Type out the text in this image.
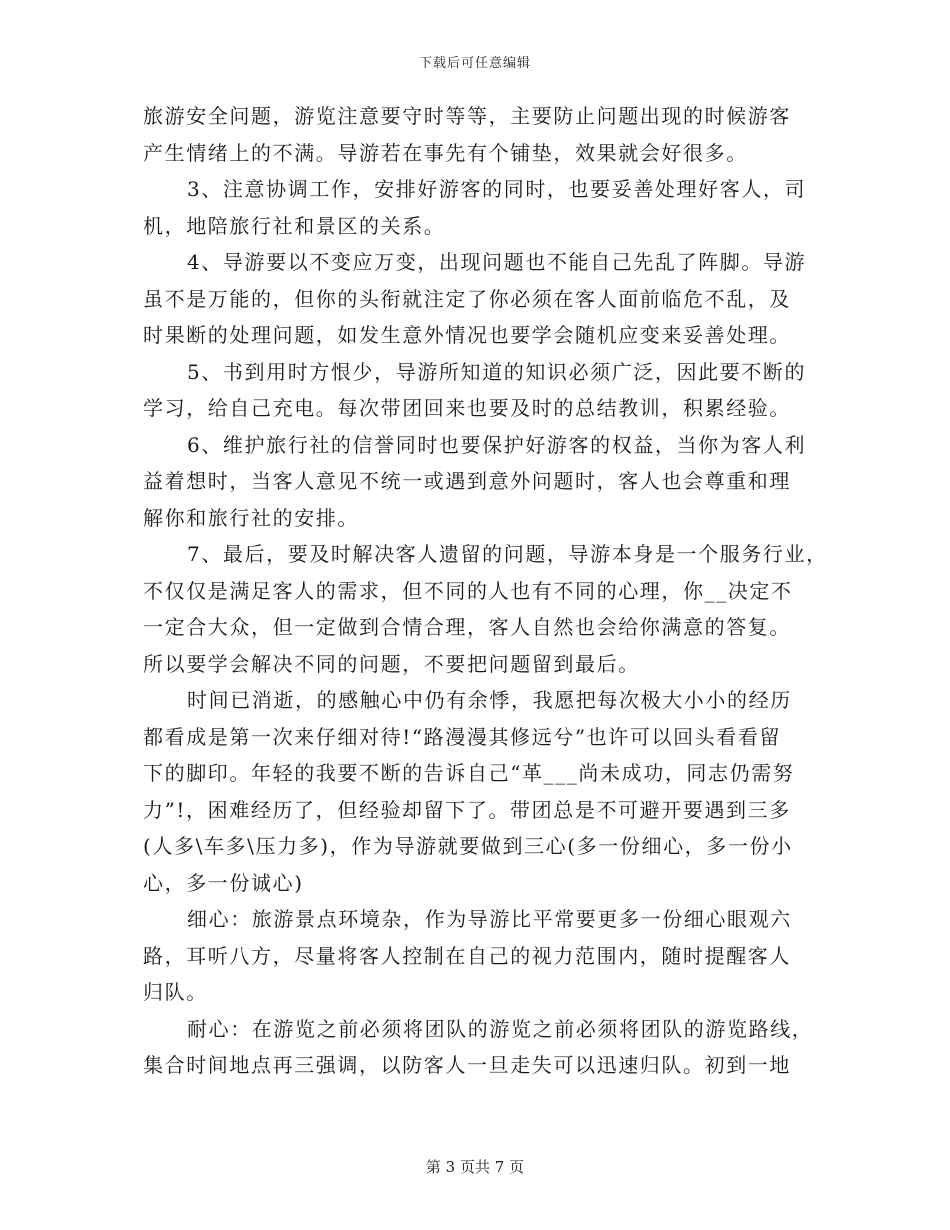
下载后可任意编辑
旅游安全问题，游览注意要守时等等，主要防止问题出现的时候游客
产生情绪上的不满。导游若在事先有个铺垫，效果就会好很多。
3、注意协调工作，安排好游客的同时，也要妥善处理好客人，司
机，地陪旅行社和景区的关系。
4、导游要以不变应万变，出现问题也不能自己先乱了阵脚。导游
虽不是万能的，但你的头衔就注定了你必须在客人面前临危不乱，及
时果断的处理问题，如发生意外情况也要学会随机应变来妥善处理。
5、书到用时方恨少，导游所知道的知识必须广泛，因此要不断的
学习，给自己充电。每次带团回来也要及时的总结教训，积累经验。
6、维护旅行社的信誉同时也要保护好游客的权益，当你为客人利
益着想时，当客人意见不统一或遇到意外问题时，客人也会尊重和理
解你和旅行社的安排。
7、最后，要及时解决客人遗留的问题，导游本身是一个服务行业，
不仅仅是满足客人的需求，但不同的人也有不同的心理，你__决定不
一定合大众，但一定做到合情合理，客人自然也会给你满意的答复。
所以要学会解决不同的问题，不要把问题留到最后。
时间已消逝，的感触心中仍有余悸，我愿把每次极大小小的经历
都看成是第一次来仔细对待!“路漫漫其修远兮”也许可以回头看看留
下的脚印。年轻的我要不断的告诉自己“革___尚未成功，同志仍需努
力”!，困难经历了，但经验却留下了。带团总是不可避开要遇到三多
(人多\车多\压力多)，作为导游就要做到三心(多一份细心，多一份小
心，多一份诚心)
细心：旅游景点环境杂，作为导游比平常要更多一份细心眼观六
路，耳听八方，尽量将客人控制在自己的视力范围内，随时提醒客人
归队。
耐心：在游览之前必须将团队的游览之前必须将团队的游览路线，
集合时间地点再三强调，以防客人一旦走失可以迅速归队。初到一地
第 3 页共 7 页
